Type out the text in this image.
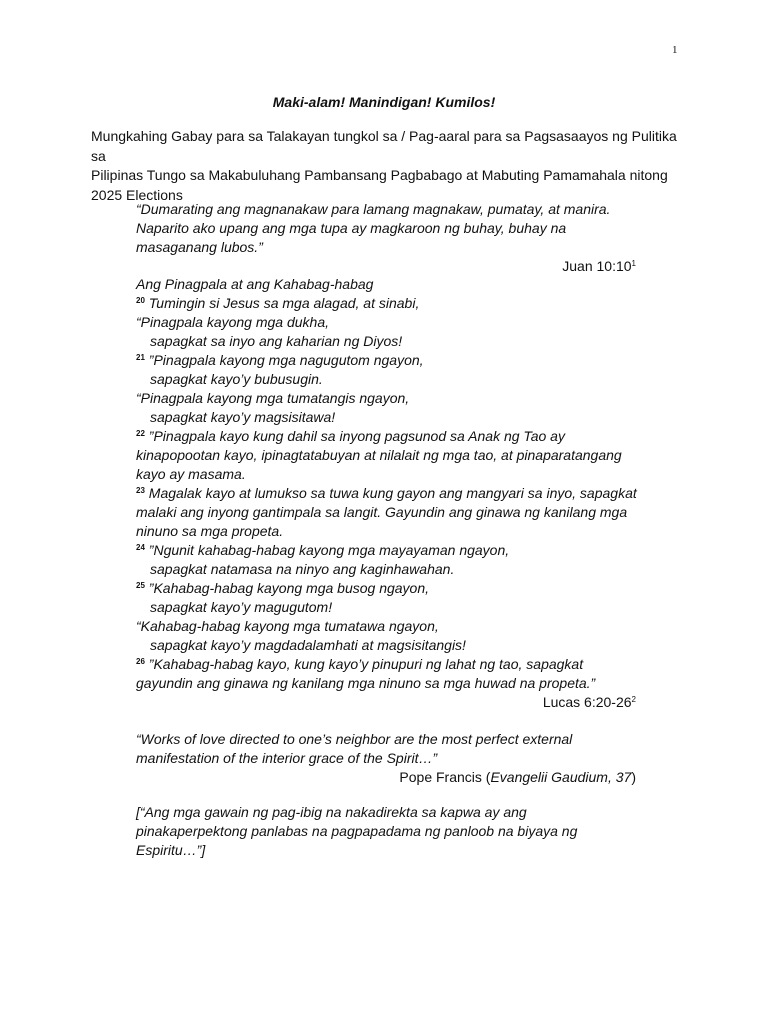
1
Maki-alam! Manindigan! Kumilos!
Mungkahing Gabay para sa Talakayan tungkol sa / Pag-aaral para sa Pagsasaayos ng Pulitika sa
Pilipinas Tungo sa Makabuluhang Pambansang Pagbabago at Mabuting Pamamahala nitong
2025 Elections
“Dumarating ang magnanakaw para lamang magnakaw, pumatay, at manira.
Naparito ako upang ang mga tupa ay magkaroon ng buhay, buhay na
masaganang lubos.”
Juan $10:10^1$
Ang Pinagpala at ang Kahabag-habag
$^{20}$ Tumingin si Jesus sa mga alagad, at sinabi,
“Pinagpala kayong mga dukha,
sapagkat sa inyo ang kaharian ng Diyos!
$^{21}$ ”Pinagpala kayong mga nagugutom ngayon,
sapagkat kayo’y bubusugin.
“Pinagpala kayong mga tumatangis ngayon,
sapagkat kayo’y magsisitawa!
$^{22}$ ”Pinagpala kayo kung dahil sa inyong pagsunod sa Anak ng Tao ay
kinapopootan kayo, ipinagtatabuyan at nilalait ng mga tao, at pinaparatangang
kayo ay masama.
$^{23}$ Magalak kayo at lumukso sa tuwa kung gayon ang mangyari sa inyo, sapagkat
malaki ang inyong gantimpala sa langit. Gayundin ang ginawa ng kanilang mga
ninuno sa mga propeta.
$^{24}$ ”Ngunit kahabag-habag kayong mga mayayaman ngayon,
sapagkat natamasa na ninyo ang kaginhawahan.
$^{25}$ ”Kahabag-habag kayong mga busog ngayon,
sapagkat kayo’y magugutom!
“Kahabag-habag kayong mga tumatawa ngayon,
sapagkat kayo’y magdadalamhati at magsisitangis!
$^{26}$ ”Kahabag-habag kayo, kung kayo’y pinupuri ng lahat ng tao, sapagkat
gayundin ang ginawa ng kanilang mga ninuno sa mga huwad na propeta.”
Lucas $6:20-26^2$
“Works of love directed to one’s neighbor are the most perfect external
manifestation of the interior grace of the Spirit…”
Pope Francis (Evangelii Gaudium, 37)
[“Ang mga gawain ng pag-ibig na nakadirekta sa kapwa ay ang
pinakaperpektong panlabas na pagpapadama ng panloob na biyaya ng
Espiritu…”]
